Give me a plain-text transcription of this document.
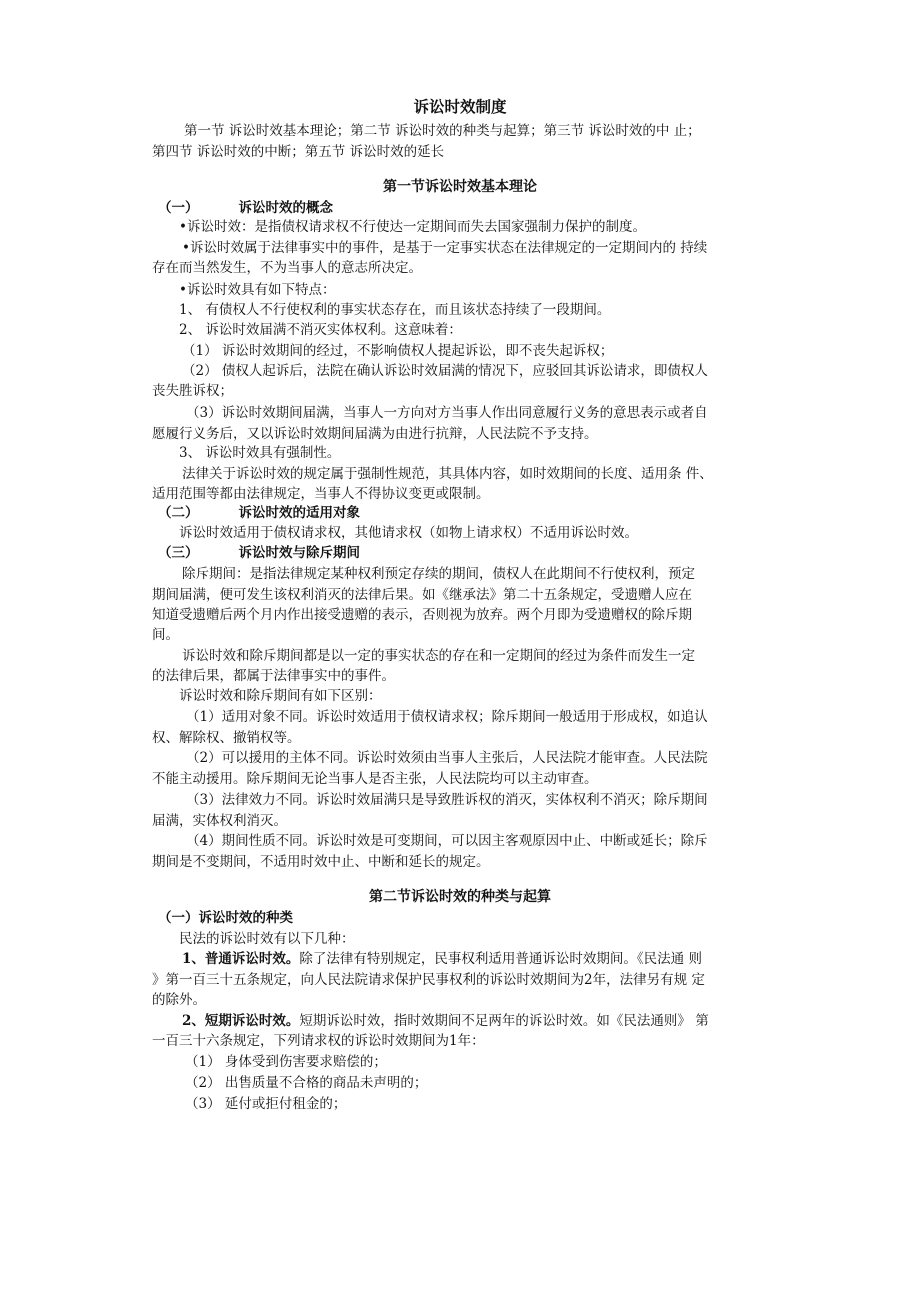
诉讼时效制度
第一节 诉讼时效基本理论；第二节 诉讼时效的种类与起算；第三节 诉讼时效的中 止；
第四节 诉讼时效的中断；第五节 诉讼时效的延长
第一节诉讼时效基本理论
（一）	诉讼时效的概念
•诉讼时效：是指债权请求权不行使达一定期间而失去国家强制力保护的制度。
•诉讼时效属于法律事实中的事件，是基于一定事实状态在法律规定的一定期间内的 持续
存在而当然发生，不为当事人的意志所决定。
•诉讼时效具有如下特点：
1、 有债权人不行使权利的事实状态存在，而且该状态持续了一段期间。
2、 诉讼时效届满不消灭实体权利。这意味着：
（1） 诉讼时效期间的经过，不影响债权人提起诉讼，即不丧失起诉权；
（2） 债权人起诉后，法院在确认诉讼时效届满的情况下，应驳回其诉讼请求，即债权人
丧失胜诉权；
（3）诉讼时效期间届满，当事人一方向对方当事人作出同意履行义务的意思表示或者自
愿履行义务后，又以诉讼时效期间届满为由进行抗辩，人民法院不予支持。
3、 诉讼时效具有强制性。
法律关于诉讼时效的规定属于强制性规范，其具体内容，如时效期间的长度、适用条 件、
适用范围等都由法律规定，当事人不得协议变更或限制。
（二）	诉讼时效的适用对象
诉讼时效适用于债权请求权，其他请求权（如物上请求权）不适用诉讼时效。
（三）	诉讼时效与除斥期间
除斥期间：是指法律规定某种权利预定存续的期间，债权人在此期间不行使权利，预定
期间届满，便可发生该权利消灭的法律后果。如《继承法》第二十五条规定，受遗赠人应在
知道受遗赠后两个月内作出接受遗赠的表示，否则视为放弃。两个月即为受遗赠权的除斥期
间。
诉讼时效和除斥期间都是以一定的事实状态的存在和一定期间的经过为条件而发生一定
的法律后果，都属于法律事实中的事件。
诉讼时效和除斥期间有如下区别：
（1）适用对象不同。诉讼时效适用于债权请求权；除斥期间一般适用于形成权，如追认
权、解除权、撤销权等。
（2）可以援用的主体不同。诉讼时效须由当事人主张后，人民法院才能审查。人民法院
不能主动援用。除斥期间无论当事人是否主张，人民法院均可以主动审查。
（3）法律效力不同。诉讼时效届满只是导致胜诉权的消灭，实体权利不消灭；除斥期间
届满，实体权利消灭。
（4）期间性质不同。诉讼时效是可变期间，可以因主客观原因中止、中断或延长；除斥
期间是不变期间，不适用时效中止、中断和延长的规定。
第二节诉讼时效的种类与起算
（一）诉讼时效的种类
民法的诉讼时效有以下几种：
1、普通诉讼时效。除了法律有特别规定，民事权利适用普通诉讼时效期间。《民法通 则
》第一百三十五条规定，向人民法院请求保护民事权利的诉讼时效期间为2年，法律另有规 定
的除外。
2、短期诉讼时效。短期诉讼时效，指时效期间不足两年的诉讼时效。如《民法通则》 第
一百三十六条规定，下列请求权的诉讼时效期间为1年：
（1） 身体受到伤害要求赔偿的；
（2） 出售质量不合格的商品未声明的；
（3） 延付或拒付租金的；
